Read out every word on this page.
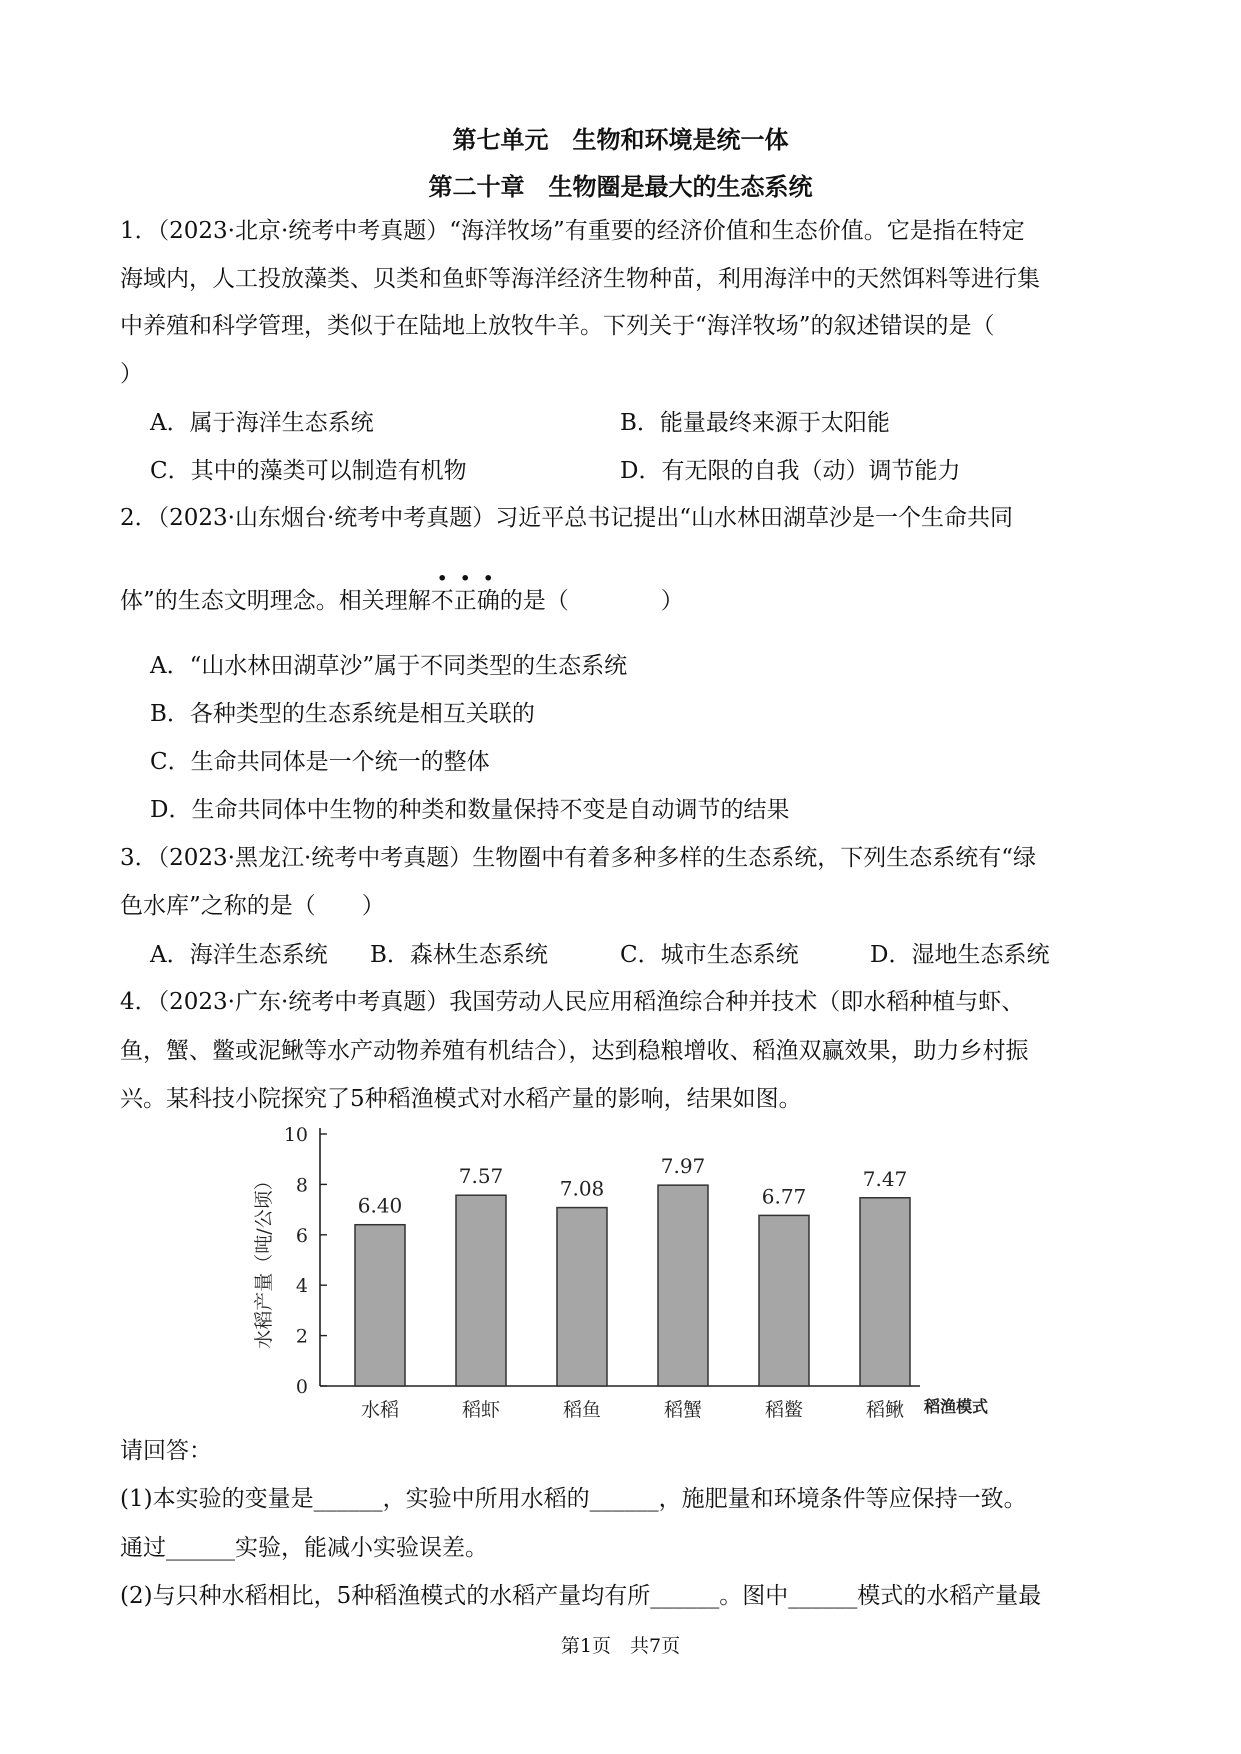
第七单元　生物和环境是统一体
第二十章　生物圈是最大的生态系统
1．（2023·北京·统考中考真题）“海洋牧场”有重要的经济价值和生态价值。它是指在特定
海域内，人工投放藻类、贝类和鱼虾等海洋经济生物种苗，利用海洋中的天然饵料等进行集
中养殖和科学管理，类似于在陆地上放牧牛羊。下列关于“海洋牧场”的叙述错误的是（
）
A．属于海洋生态系统	B．能量最终来源于太阳能
C．其中的藻类可以制造有机物	D．有无限的自我（动）调节能力
2．（2023·山东烟台·统考中考真题）习近平总书记提出“山水林田湖草沙是一个生命共同
体”的生态文明理念。相关理解不正确的是（　　　　）
A．“山水林田湖草沙”属于不同类型的生态系统
B．各种类型的生态系统是相互关联的
C．生命共同体是一个统一的整体
D．生命共同体中生物的种类和数量保持不变是自动调节的结果
3．（2023·黑龙江·统考中考真题）生物圈中有着多种多样的生态系统，下列生态系统有“绿
色水库”之称的是（　　）
A．海洋生态系统 B．森林生态系统	C．城市生态系统	D．湿地生态系统
4．（2023·广东·统考中考真题）我国劳动人民应用稻渔综合种并技术（即水稻种植与虾、
鱼，蟹、鳖或泥鳅等水产动物养殖有机结合），达到稳粮增收、稻渔双赢效果，助力乡村振
兴。某科技小院探究了5种稻渔模式对水稻产量的影响，结果如图。
0
2
4
6
8
10
水稻产量（吨/公顷）	6.40
水稻
7.57
稻虾
7.08
稻鱼
7.97
稻蟹
6.77
稻鳖
7.47
稻鳅 稻渔模式
请回答：
(1)本实验的变量是______，实验中所用水稻的______，施肥量和环境条件等应保持一致。
通过______实验，能减小实验误差。
(2)与只种水稻相比，5种稻渔模式的水稻产量均有所______。图中______模式的水稻产量最
第1页　共7页
